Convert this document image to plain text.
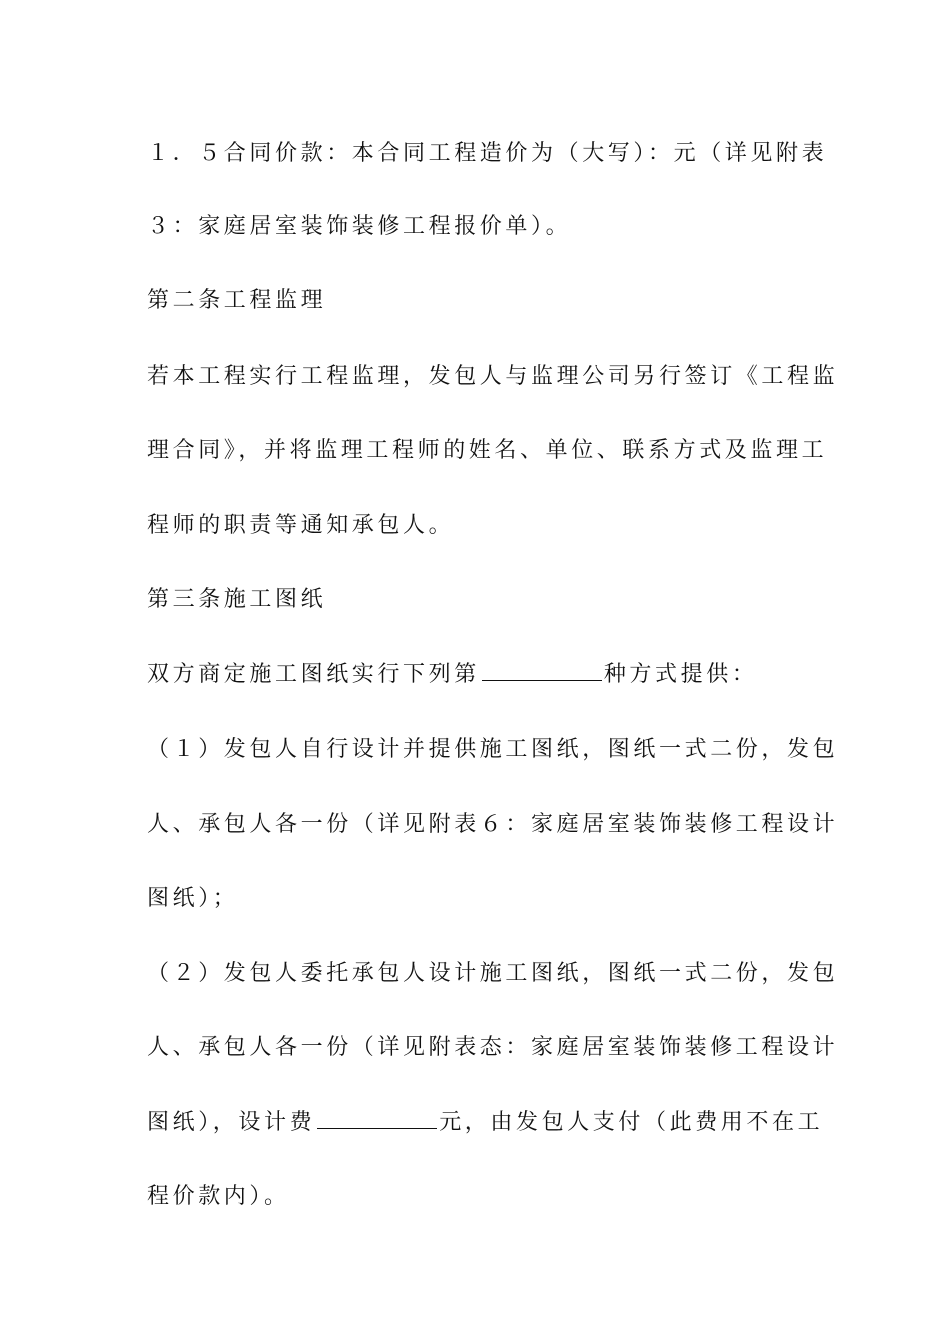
１．５合同价款：本合同工程造价为（大写）：元（详见附表
３：家庭居室装饰装修工程报价单）。
第二条工程监理
若本工程实行工程监理，发包人与监理公司另行签订《工程监
理合同》，并将监理工程师的姓名、单位、联系方式及监理工
程师的职责等通知承包人。
第三条施工图纸
双方商定施工图纸实行下列第	种方式提供：
（１）发包人自行设计并提供施工图纸，图纸一式二份，发包
人、承包人各一份（详见附表６：家庭居室装饰装修工程设计
图纸）；
（２）发包人委托承包人设计施工图纸，图纸一式二份，发包
人、承包人各一份（详见附表态：家庭居室装饰装修工程设计
图纸），设计费	元，由发包人支付（此费用不在工
程价款内）。
